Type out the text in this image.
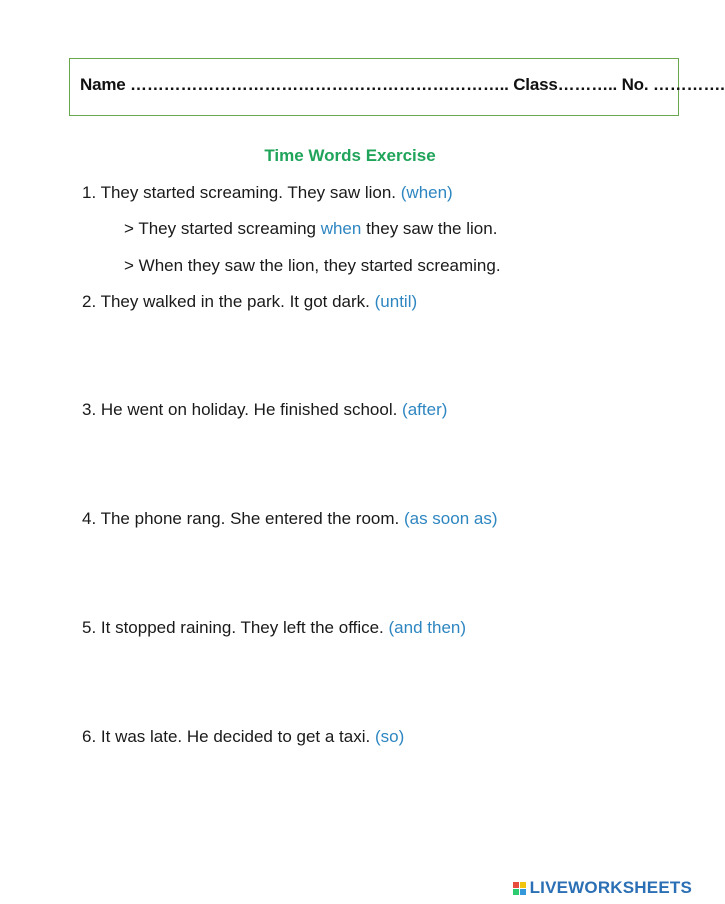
Name ………………………………………………………….. Class……….. No. ………….
Time Words Exercise
1. They started screaming. They saw lion. (when)
> They started screaming when they saw the lion.
> When they saw the lion, they started screaming.
2. They walked in the park. It got dark. (until)
3. He went on holiday. He finished school. (after)
4. The phone rang. She entered the room. (as soon as)
5. It stopped raining. They left the office. (and then)
6. It was late. He decided to get a taxi. (so)
LIVEWORKSHEETS
